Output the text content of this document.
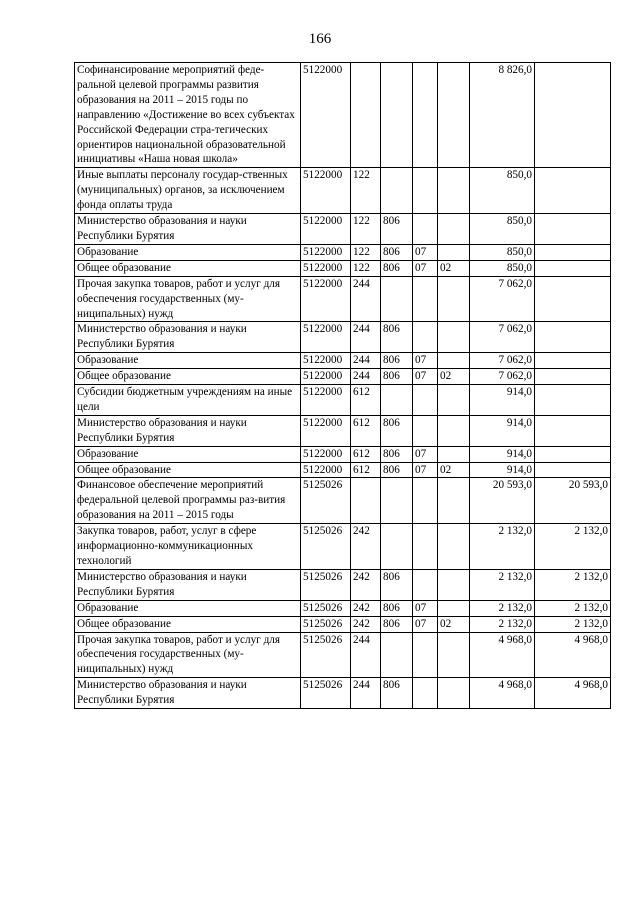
166
Софинансирование мероприятий феде-ральной целевой программы развития образования на 2011 – 2015 годы по направлению «Достижение во всех субъектах Российской Федерации стра-тегических ориентиров национальной образовательной инициативы «Наша новая школа»	5122000					8 826,0	
Иные выплаты персоналу государ-ственных (муниципальных) органов, за исключением фонда оплаты труда	5122000	122				850,0	
Министерство образования и науки Республики Бурятия	5122000	122	806			850,0	
Образование	5122000	122	806	07		850,0	
Общее образование	5122000	122	806	07	02	850,0	
Прочая закупка товаров, работ и услуг для обеспечения государственных (му-ниципальных) нужд	5122000	244				7 062,0	
Министерство образования и науки Республики Бурятия	5122000	244	806			7 062,0	
Образование	5122000	244	806	07		7 062,0	
Общее образование	5122000	244	806	07	02	7 062,0	
Субсидии бюджетным учреждениям на иные цели	5122000	612				914,0	
Министерство образования и науки Республики Бурятия	5122000	612	806			914,0	
Образование	5122000	612	806	07		914,0	
Общее образование	5122000	612	806	07	02	914,0	
Финансовое обеспечение мероприятий федеральной целевой программы раз-вития образования на 2011 – 2015 годы	5125026					20 593,0	20 593,0
Закупка товаров, работ, услуг в сфере информационно-коммуникационных технологий	5125026	242				2 132,0	2 132,0
Министерство образования и науки Республики Бурятия	5125026	242	806			2 132,0	2 132,0
Образование	5125026	242	806	07		2 132,0	2 132,0
Общее образование	5125026	242	806	07	02	2 132,0	2 132,0
Прочая закупка товаров, работ и услуг для обеспечения государственных (му-ниципальных) нужд	5125026	244				4 968,0	4 968,0
Министерство образования и науки Республики Бурятия	5125026	244	806			4 968,0	4 968,0
